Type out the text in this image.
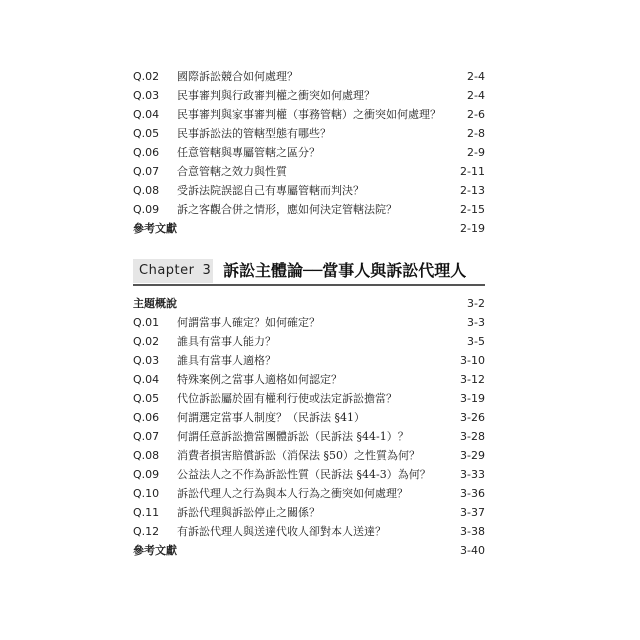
Q.02 國際訴訟競合如何處理？	2-4
Q.03 民事審判與行政審判權之衝突如何處理？	2-4
Q.04 民事審判與家事審判權（事務管轄）之衝突如何處理？ 2-6
Q.05 民事訴訟法的管轄型態有哪些？	2-8
Q.06 任意管轄與專屬管轄之區分？	2-9
Q.07 合意管轄之效力與性質	2-11
Q.08 受訴法院誤認自己有專屬管轄而判決？	2-13
Q.09 訴之客觀合併之情形，應如何決定管轄法院？	2-15
參考文獻	2-19
Chapter 3 訴訟主體論──當事人與訴訟代理人
主題概說	3-2
Q.01 何謂當事人確定？如何確定？	3-3
Q.02 誰具有當事人能力？	3-5
Q.03 誰具有當事人適格？	3-10
Q.04 特殊案例之當事人適格如何認定？	3-12
Q.05 代位訴訟屬於固有權利行使或法定訴訟擔當？	3-19
Q.06 何謂選定當事人制度？（民訴法 §41）	3-26
Q.07 何謂任意訴訟擔當團體訴訟（民訴法 §44-1）？	3-28
Q.08 消費者損害賠償訴訟（消保法 §50）之性質為何？	3-29
Q.09 公益法人之不作為訴訟性質（民訴法 §44-3）為何？	3-33
Q.10 訴訟代理人之行為與本人行為之衝突如何處理？	3-36
Q.11 訴訟代理與訴訟停止之關係？	3-37
Q.12 有訴訟代理人與送達代收人卻對本人送達？	3-38
參考文獻	3-40
